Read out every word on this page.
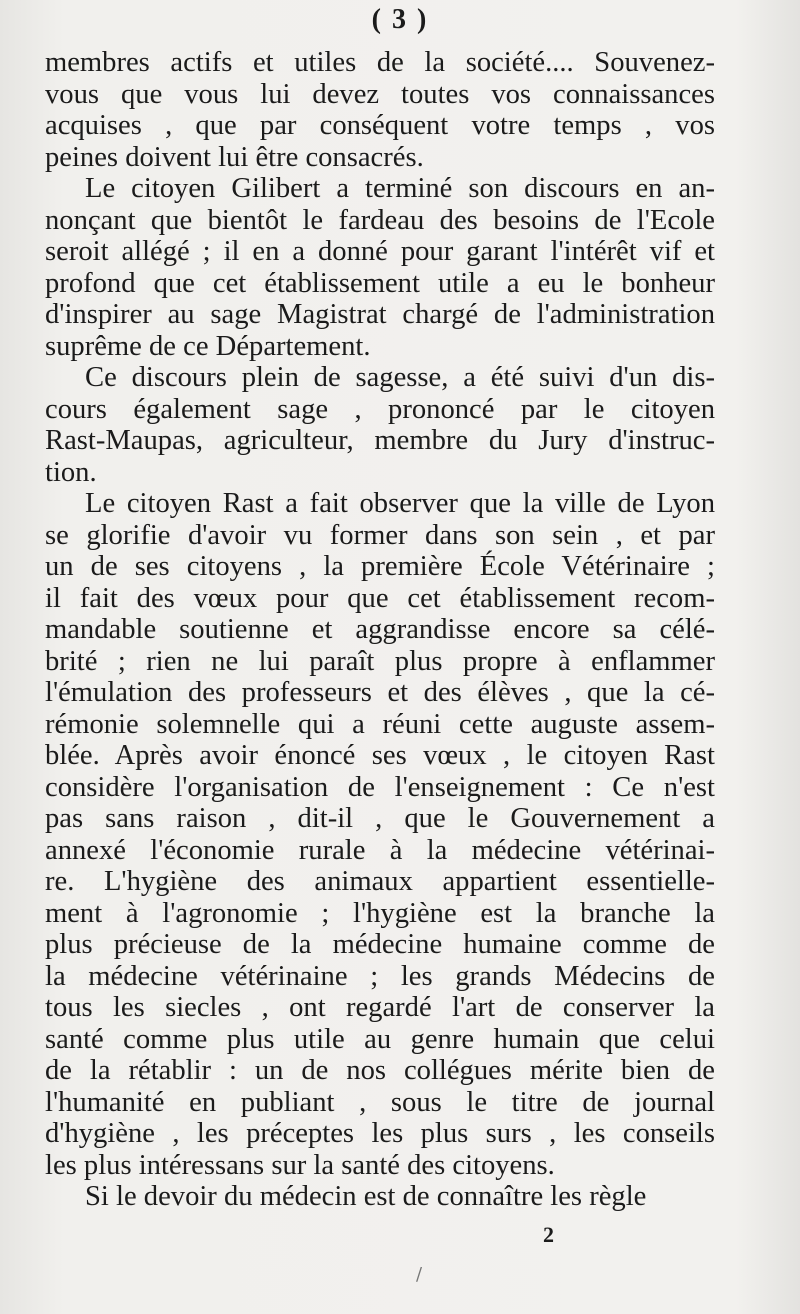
( 3 )
membres actifs et utiles de la société.... Souvenez-
vous que vous lui devez toutes vos connaissances
acquises , que par conséquent votre temps , vos
peines doivent lui être consacrés.
Le citoyen Gilibert a terminé son discours en an-
nonçant que bientôt le fardeau des besoins de l'Ecole
seroit allégé ; il en a donné pour garant l'intérêt vif et
profond que cet établissement utile a eu le bonheur
d'inspirer au sage Magistrat chargé de l'administration
suprême de ce Département.
Ce discours plein de sagesse, a été suivi d'un dis-
cours également sage , prononcé par le citoyen
Rast-Maupas, agriculteur, membre du Jury d'instruc-
tion.
Le citoyen Rast a fait observer que la ville de Lyon
se glorifie d'avoir vu former dans son sein , et par
un de ses citoyens , la première École Vétérinaire ;
il fait des vœux pour que cet établissement recom-
mandable soutienne et aggrandisse encore sa célé-
brité ; rien ne lui paraît plus propre à enflammer
l'émulation des professeurs et des élèves , que la cé-
rémonie solemnelle qui a réuni cette auguste assem-
blée. Après avoir énoncé ses vœux , le citoyen Rast
considère l'organisation de l'enseignement : Ce n'est
pas sans raison , dit-il , que le Gouvernement a
annexé l'économie rurale à la médecine vétérinai-
re. L'hygiène des animaux appartient essentielle-
ment à l'agronomie ; l'hygiène est la branche la
plus précieuse de la médecine humaine comme de
la médecine vétérinaine ; les grands Médecins de
tous les siecles , ont regardé l'art de conserver la
santé comme plus utile au genre humain que celui
de la rétablir : un de nos collégues mérite bien de
l'humanité en publiant , sous le titre de journal
d'hygiène , les préceptes les plus surs , les conseils
les plus intéressans sur la santé des citoyens.
Si le devoir du médecin est de connaître les règle
2
/
